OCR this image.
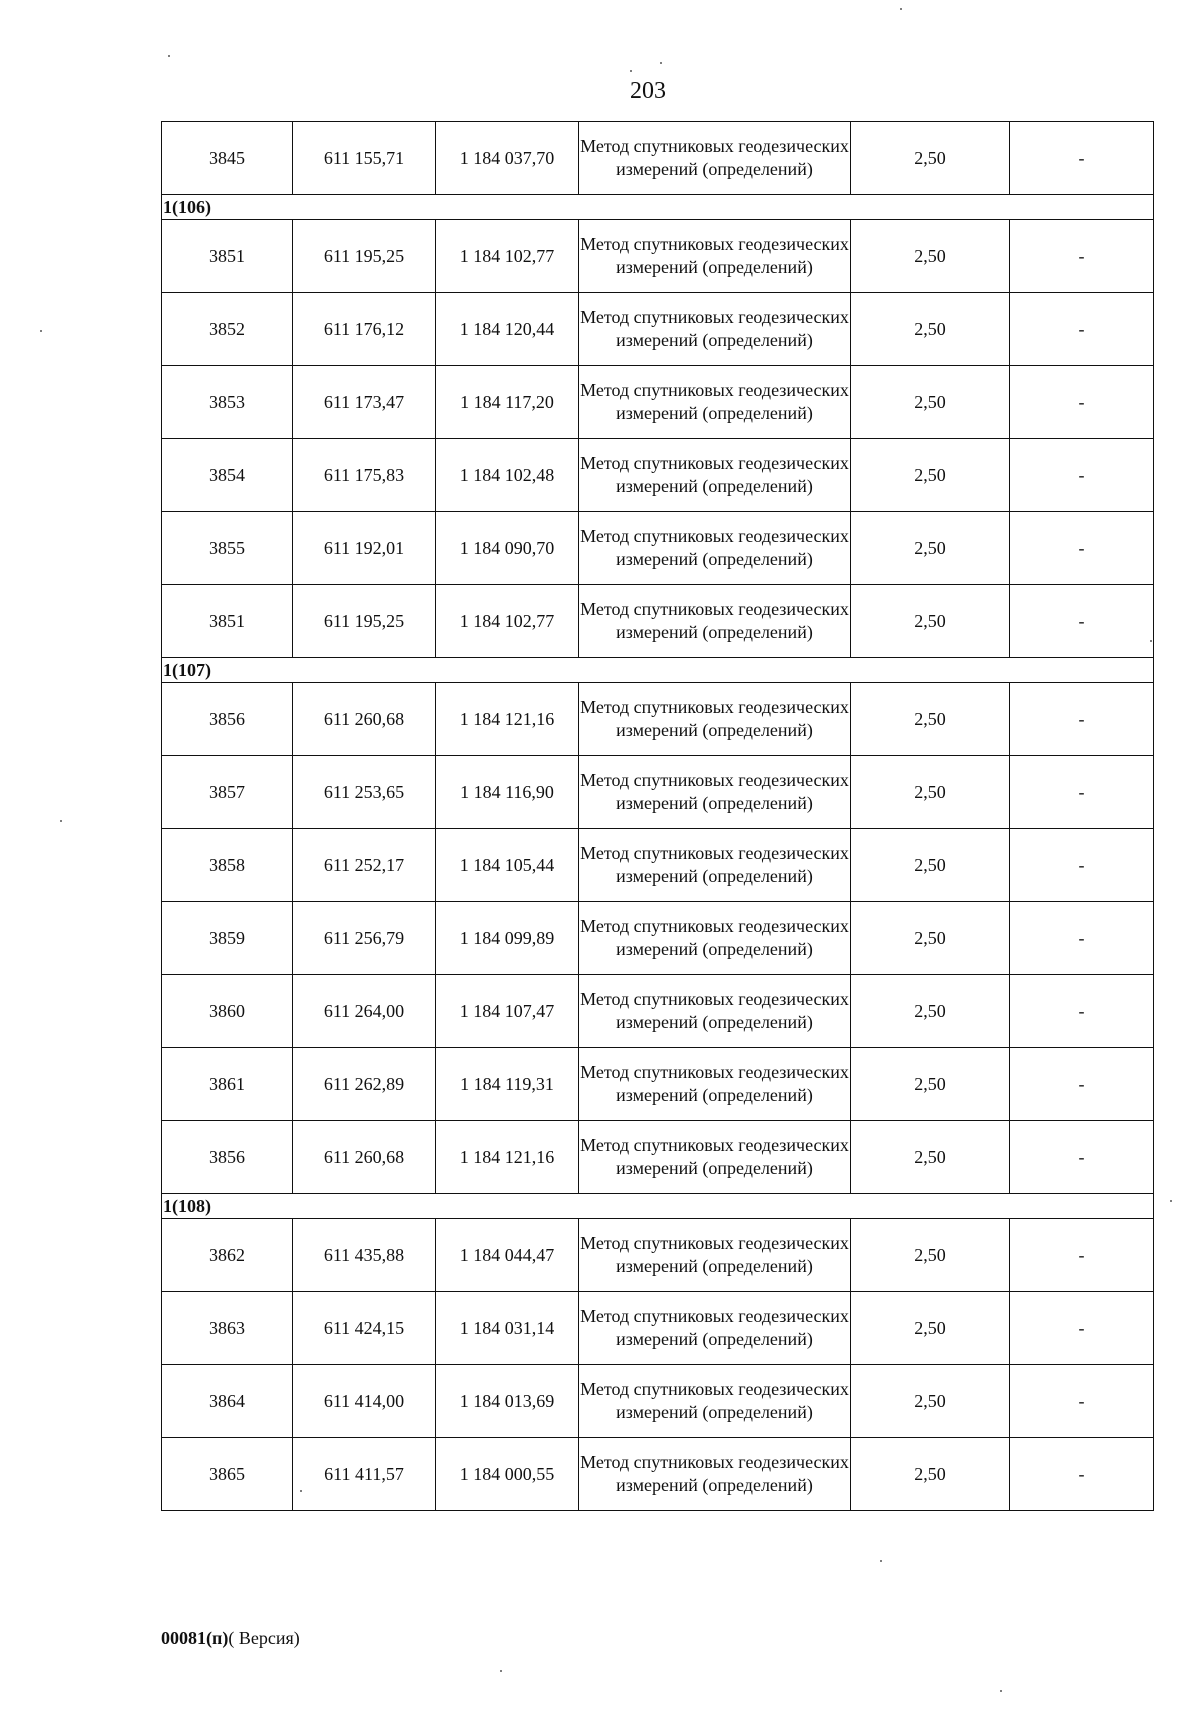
203
3845	611 155,71	1 184 037,70	Метод спутниковых геодезических измерений (определений)	2,50	-
1(106)					
3851	611 195,25	1 184 102,77	Метод спутниковых геодезических измерений (определений)	2,50	-
3852	611 176,12	1 184 120,44	Метод спутниковых геодезических измерений (определений)	2,50	-
3853	611 173,47	1 184 117,20	Метод спутниковых геодезических измерений (определений)	2,50	-
3854	611 175,83	1 184 102,48	Метод спутниковых геодезических измерений (определений)	2,50	-
3855	611 192,01	1 184 090,70	Метод спутниковых геодезических измерений (определений)	2,50	-
3851	611 195,25	1 184 102,77	Метод спутниковых геодезических измерений (определений)	2,50	-
1(107)					
3856	611 260,68	1 184 121,16	Метод спутниковых геодезических измерений (определений)	2,50	-
3857	611 253,65	1 184 116,90	Метод спутниковых геодезических измерений (определений)	2,50	-
3858	611 252,17	1 184 105,44	Метод спутниковых геодезических измерений (определений)	2,50	-
3859	611 256,79	1 184 099,89	Метод спутниковых геодезических измерений (определений)	2,50	-
3860	611 264,00	1 184 107,47	Метод спутниковых геодезических измерений (определений)	2,50	-
3861	611 262,89	1 184 119,31	Метод спутниковых геодезических измерений (определений)	2,50	-
3856	611 260,68	1 184 121,16	Метод спутниковых геодезических измерений (определений)	2,50	-
1(108)					
3862	611 435,88	1 184 044,47	Метод спутниковых геодезических измерений (определений)	2,50	-
3863	611 424,15	1 184 031,14	Метод спутниковых геодезических измерений (определений)	2,50	-
3864	611 414,00	1 184 013,69	Метод спутниковых геодезических измерений (определений)	2,50	-
3865	611 411,57	1 184 000,55	Метод спутниковых геодезических измерений (определений)	2,50	-
00081(п)( Версия)
